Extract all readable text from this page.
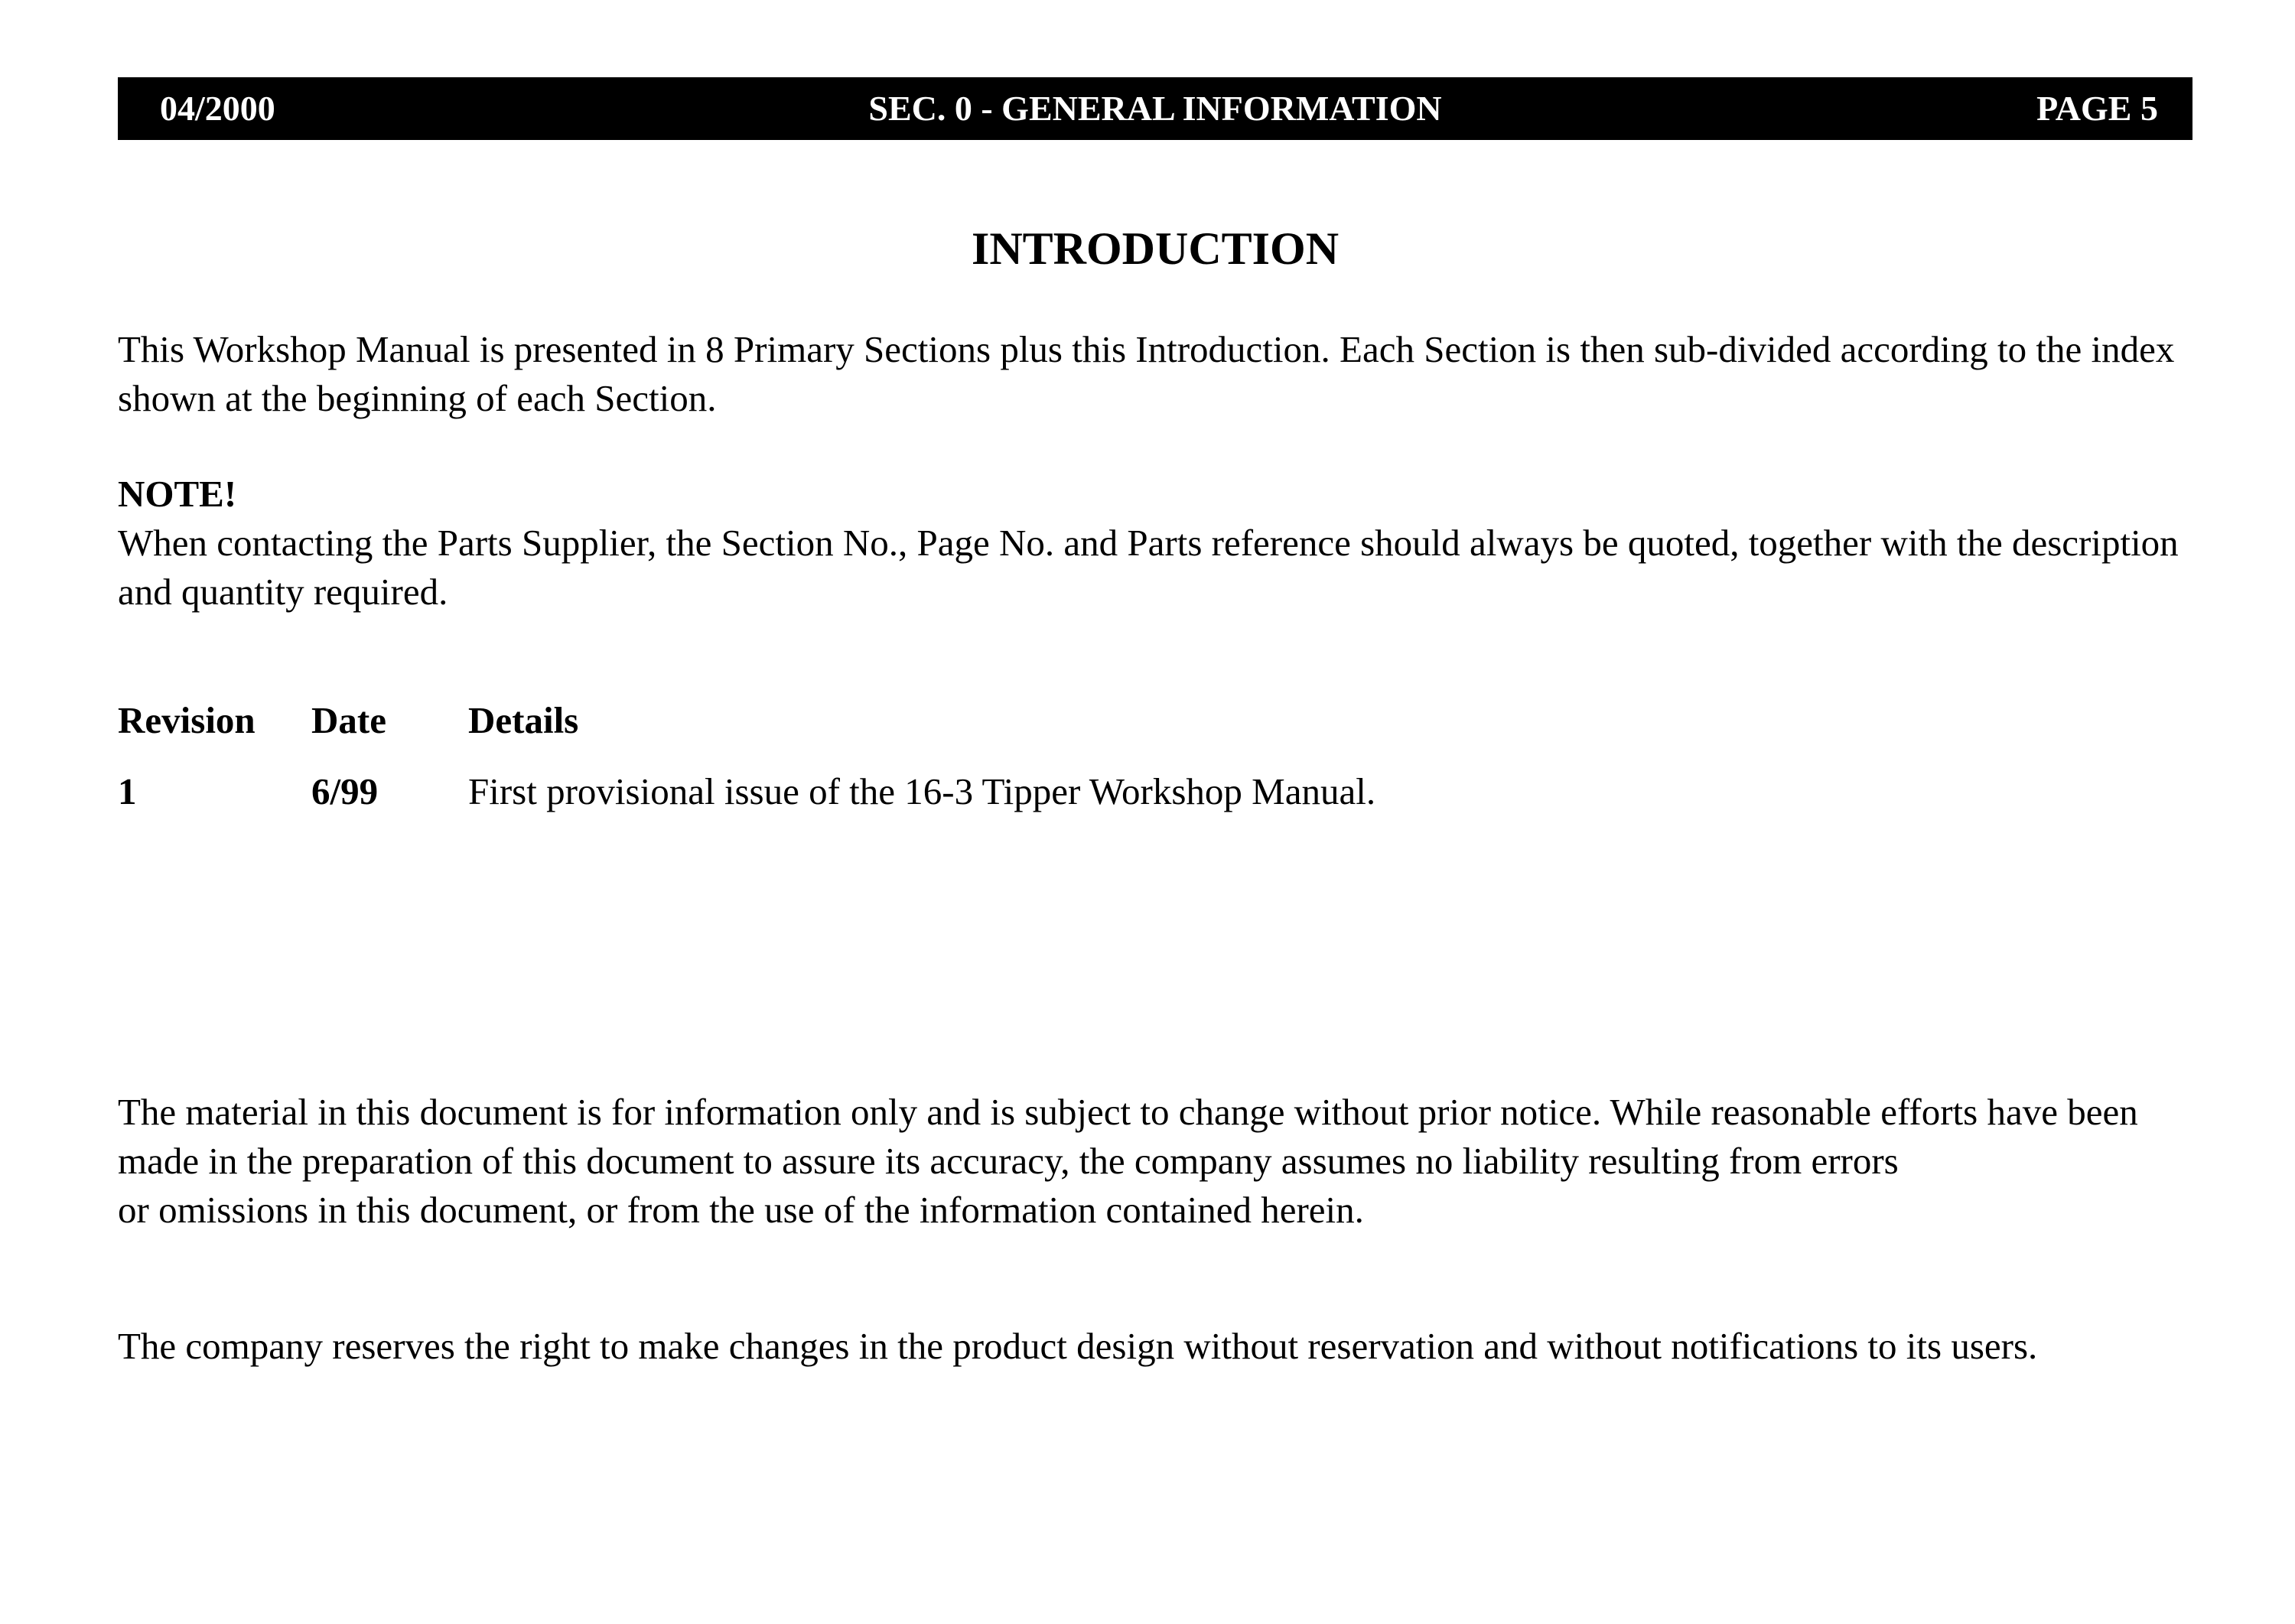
04/2000	SEC. 0 - GENERAL INFORMATION	PAGE 5
INTRODUCTION

This Workshop Manual is presented in 8 Primary Sections plus this Introduction. Each Section is then sub-divided according to the index shown at the beginning of each Section.

NOTE!

When contacting the Parts Supplier, the Section No., Page No. and Parts reference should always be quoted, together with the description and quantity required.

Revision Date Details
1	6/99 First provisional issue of the 16-3 Tipper Workshop Manual.

The material in this document is for information only and is subject to change without prior notice. While reasonable efforts have been made in the preparation of this document to assure its accuracy, the company assumes no liability resulting from errors
or omissions in this document, or from the use of the information contained herein.

The company reserves the right to make changes in the product design without reservation and without notifications to its users.
